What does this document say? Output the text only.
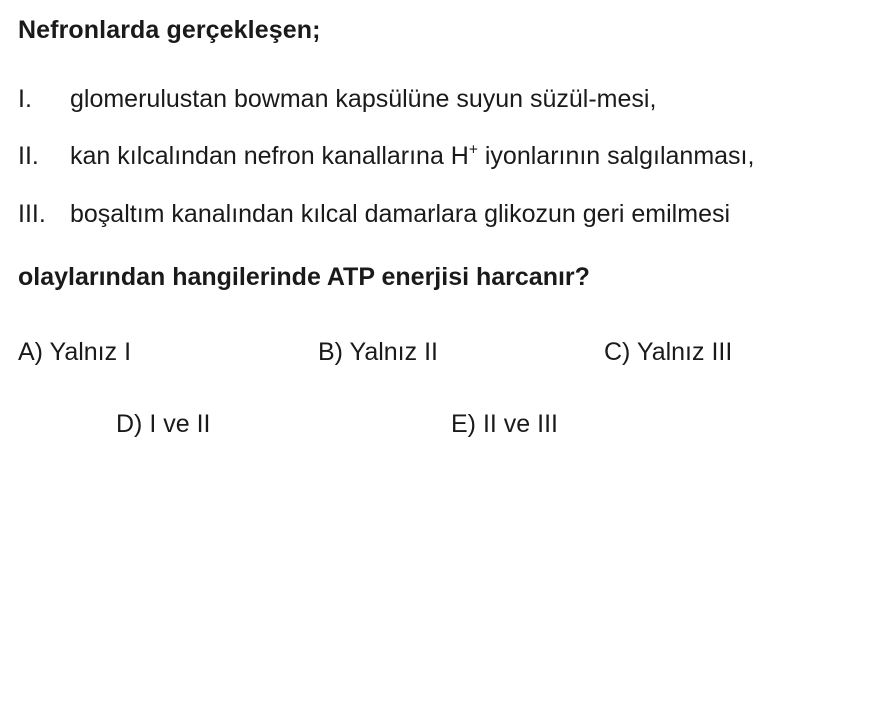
Nefronlarda gerçekleşen;

I.	glomerulustan bowman kapsülüne suyun süzül-mesi,
II.	kan kılcalından nefron kanallarına H+ iyonlarının salgılanması,
III. boşaltım kanalından kılcal damarlara glikozun geri emilmesi

olaylarından hangilerinde ATP enerjisi harcanır?

A) Yalnız I	B) Yalnız II	C) Yalnız III
D) I ve II	E) II ve III
